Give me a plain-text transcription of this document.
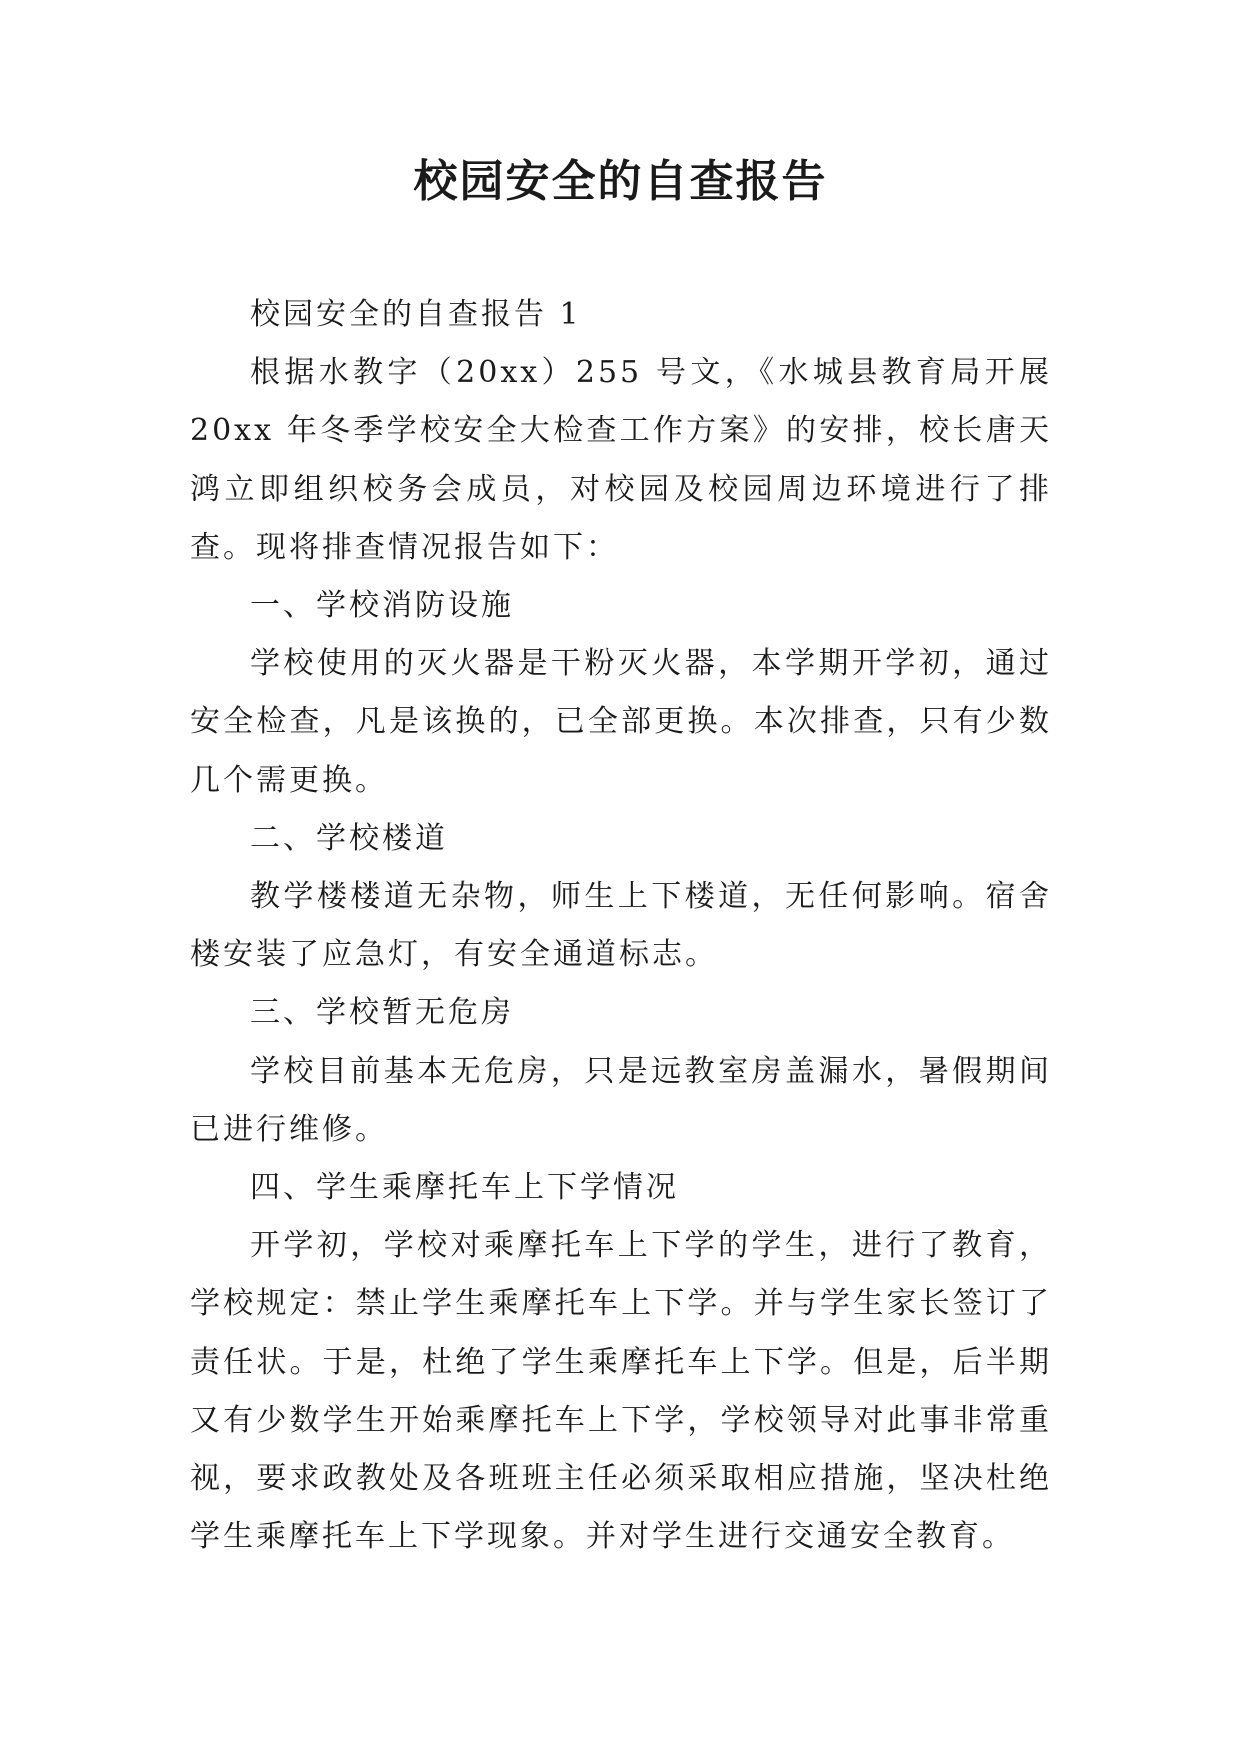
校园安全的自查报告

校园安全的自查报告 1

根据水教字（20xx）255 号文，《水城县教育局开展 20xx 年冬季学校安全大检查工作方案》的安排，校长唐天鸿立即组织校务会成员，对校园及校园周边环境进行了排查。现将排查情况报告如下：

一、学校消防设施

学校使用的灭火器是干粉灭火器，本学期开学初，通过安全检查，凡是该换的，已全部更换。本次排查，只有少数几个需更换。

二、学校楼道

教学楼楼道无杂物，师生上下楼道，无任何影响。宿舍楼安装了应急灯，有安全通道标志。

三、学校暂无危房

学校目前基本无危房，只是远教室房盖漏水，暑假期间已进行维修。

四、学生乘摩托车上下学情况

开学初，学校对乘摩托车上下学的学生，进行了教育，学校规定：禁止学生乘摩托车上下学。并与学生家长签订了责任状。于是，杜绝了学生乘摩托车上下学。但是，后半期又有少数学生开始乘摩托车上下学，学校领导对此事非常重视，要求政教处及各班班主任必须采取相应措施，坚决杜绝学生乘摩托车上下学现象。并对学生进行交通安全教育。
